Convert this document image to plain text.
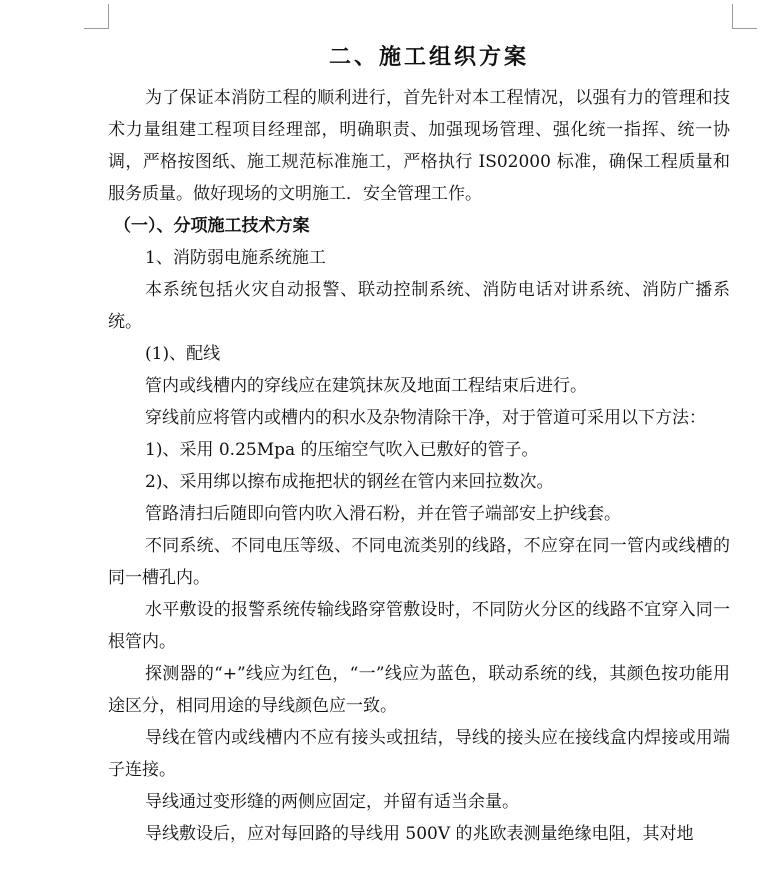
二、施工组织方案

为了保证本消防工程的顺利进行，首先针对本工程情况，以强有力的管理和技术力量组建工程项目经理部，明确职责、加强现场管理、强化统一指挥、统一协调，严格按图纸、施工规范标准施工，严格执行 IS02000 标准，确保工程质量和服务质量。做好现场的文明施工．安全管理工作。

（一）、分项施工技术方案

1、消防弱电施系统施工

本系统包括火灾自动报警、联动控制系统、消防电话对讲系统、消防广播系统。

(1)、配线

管内或线槽内的穿线应在建筑抹灰及地面工程结束后进行。

穿线前应将管内或槽内的积水及杂物清除干净，对于管道可采用以下方法：

1)、采用 0.25Mpa 的压缩空气吹入已敷好的管子。

2)、采用绑以擦布成拖把状的钢丝在管内来回拉数次。

管路清扫后随即向管内吹入滑石粉，并在管子端部安上护线套。

不同系统、不同电压等级、不同电流类别的线路，不应穿在同一管内或线槽的同一槽孔内。

水平敷设的报警系统传输线路穿管敷设时，不同防火分区的线路不宜穿入同一根管内。

探测器的“+”线应为红色，“一”线应为蓝色，联动系统的线，其颜色按功能用途区分，相同用途的导线颜色应一致。

导线在管内或线槽内不应有接头或扭结，导线的接头应在接线盒内焊接或用端子连接。

导线通过变形缝的两侧应固定，并留有适当余量。

导线敷设后，应对每回路的导线用 500V 的兆欧表测量绝缘电阻，其对地
